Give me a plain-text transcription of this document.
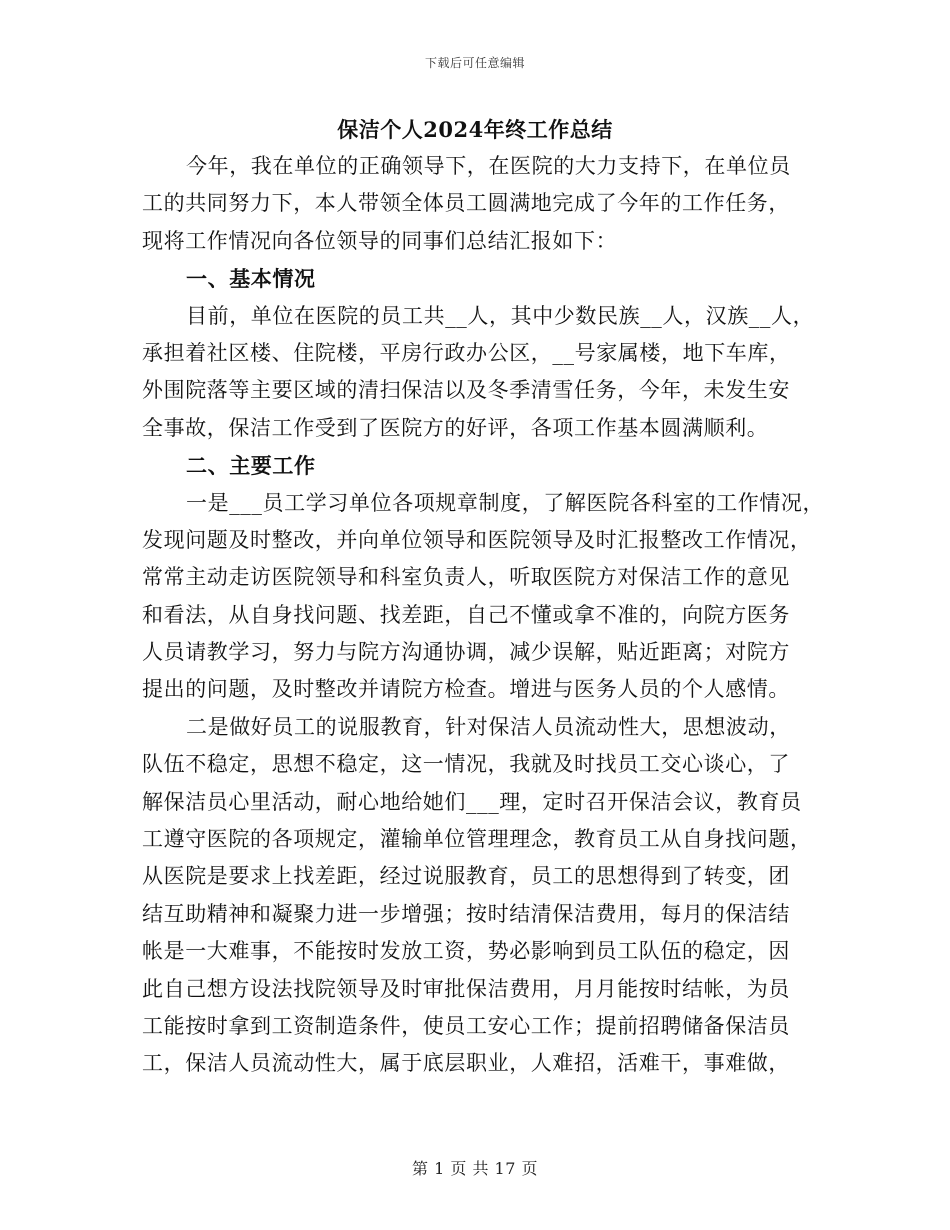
下载后可任意编辑
保洁个人2024年终工作总结
今年，我在单位的正确领导下，在医院的大力支持下，在单位员
工的共同努力下，本人带领全体员工圆满地完成了今年的工作任务，
现将工作情况向各位领导的同事们总结汇报如下：
一、基本情况
目前，单位在医院的员工共__人，其中少数民族__人，汉族__人，
承担着社区楼、住院楼，平房行政办公区，__号家属楼，地下车库，
外围院落等主要区域的清扫保洁以及冬季清雪任务，今年，未发生安
全事故，保洁工作受到了医院方的好评，各项工作基本圆满顺利。
二、主要工作
一是___员工学习单位各项规章制度，了解医院各科室的工作情况，
发现问题及时整改，并向单位领导和医院领导及时汇报整改工作情况，
常常主动走访医院领导和科室负责人，听取医院方对保洁工作的意见
和看法，从自身找问题、找差距，自己不懂或拿不准的，向院方医务
人员请教学习，努力与院方沟通协调，减少误解，贴近距离；对院方
提出的问题，及时整改并请院方检查。增进与医务人员的个人感情。
二是做好员工的说服教育，针对保洁人员流动性大，思想波动，
队伍不稳定，思想不稳定，这一情况，我就及时找员工交心谈心，了
解保洁员心里活动，耐心地给她们___理，定时召开保洁会议，教育员
工遵守医院的各项规定，灌输单位管理理念，教育员工从自身找问题，
从医院是要求上找差距，经过说服教育，员工的思想得到了转变，团
结互助精神和凝聚力进一步增强；按时结清保洁费用，每月的保洁结
帐是一大难事，不能按时发放工资，势必影响到员工队伍的稳定，因
此自己想方设法找院领导及时审批保洁费用，月月能按时结帐，为员
工能按时拿到工资制造条件，使员工安心工作；提前招聘储备保洁员
工，保洁人员流动性大，属于底层职业，人难招，活难干，事难做，
第 1 页 共 17 页
